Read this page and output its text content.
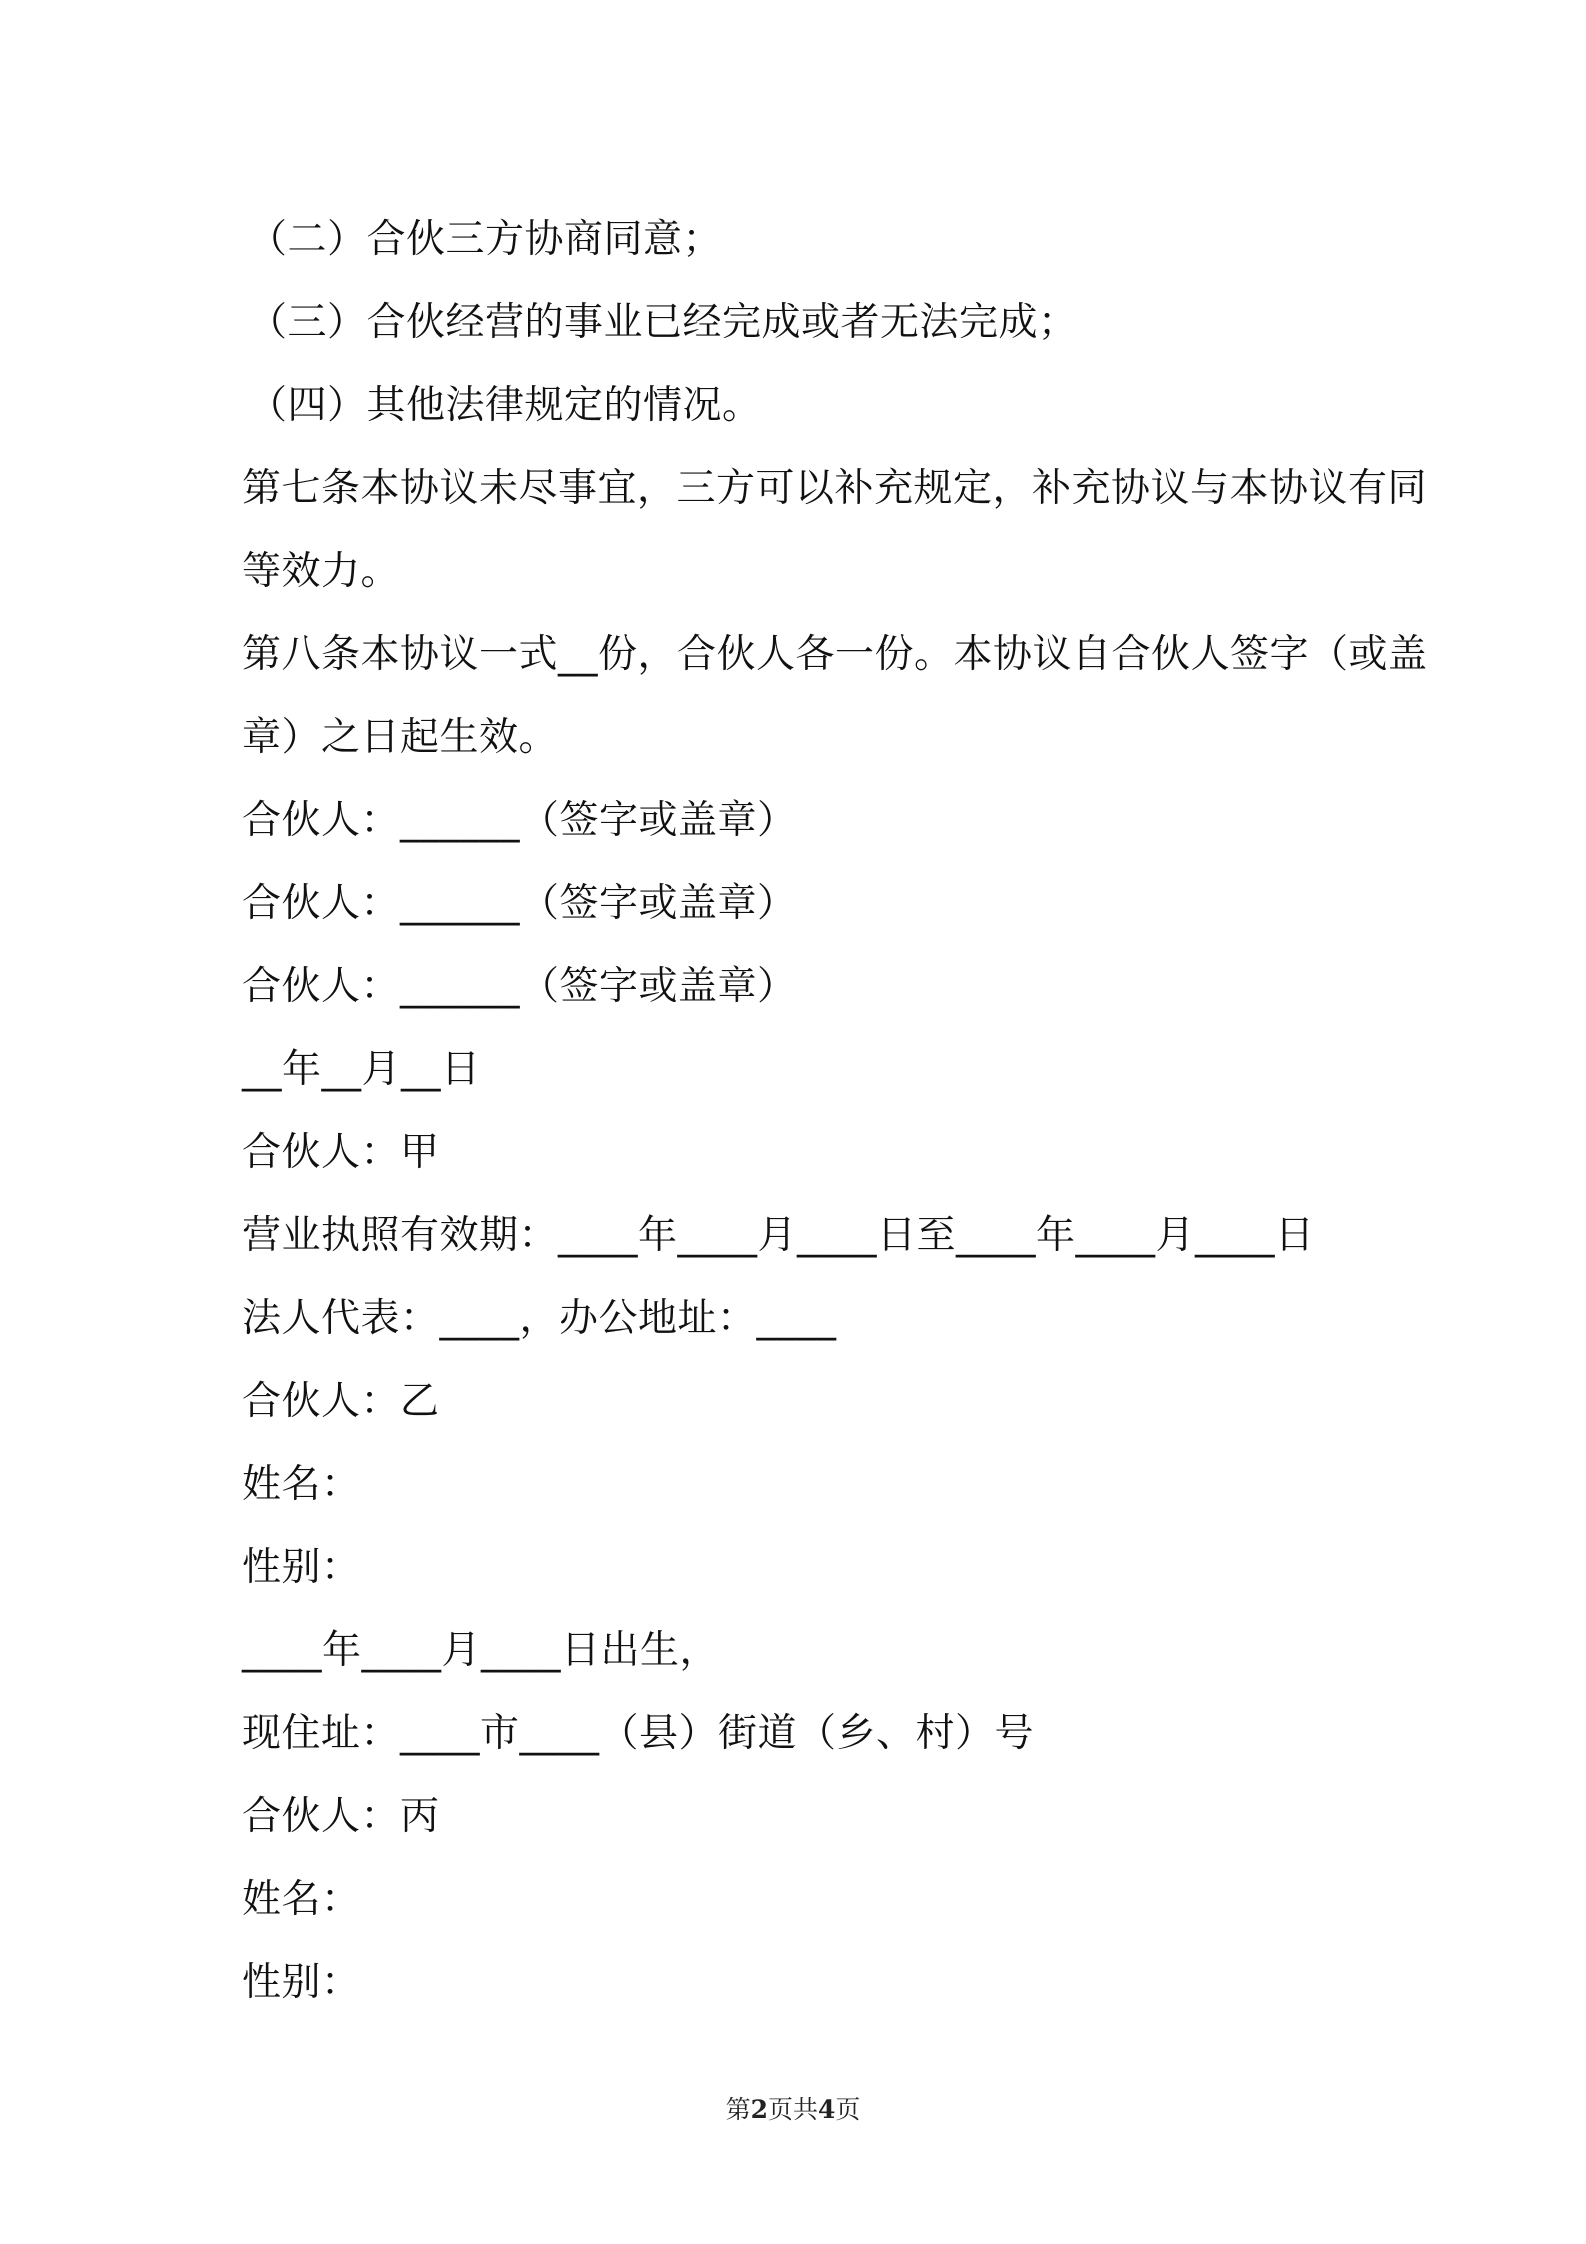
（二）合伙三方协商同意；
（三）合伙经营的事业已经完成或者无法完成；
（四）其他法律规定的情况。
第七条本协议未尽事宜，三方可以补充规定，补充协议与本协议有同
等效力。
第八条本协议一式__份，合伙人各一份。本协议自合伙人签字（或盖
章）之日起生效。
合伙人：______（签字或盖章）
合伙人：______（签字或盖章）
合伙人：______（签字或盖章）
__年__月__日
合伙人：甲
营业执照有效期：____年____月____日至____年____月____日
法人代表：____，办公地址：____
合伙人：乙
姓名：
性别：
____年____月____日出生，
现住址：____市____（县）街道（乡、村）号
合伙人：丙
姓名：
性别：
第2页共4页
